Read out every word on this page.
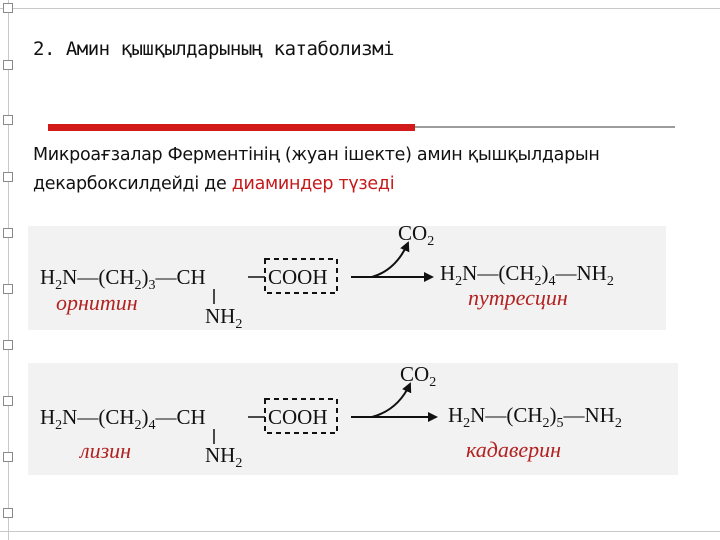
2. Амин қышқылдарының катаболизмі
Микроағзалар Ферментінің (жуан ішекте) амин қышқылдарын
декарбоксилдейді де диаминдер түзеді
$H_2N—(CH_2)_3—CH$	COOH
$NH_2$
орнитин
$CO_2$
$H_2N—(CH_2)_4—NH_2$
путресцин
$H_2N—(CH_2)_4—CH$	COOH
$NH_2$
лизин
$CO_2$
$H_2N—(CH_2)_5—NH_2$
кадаверин
